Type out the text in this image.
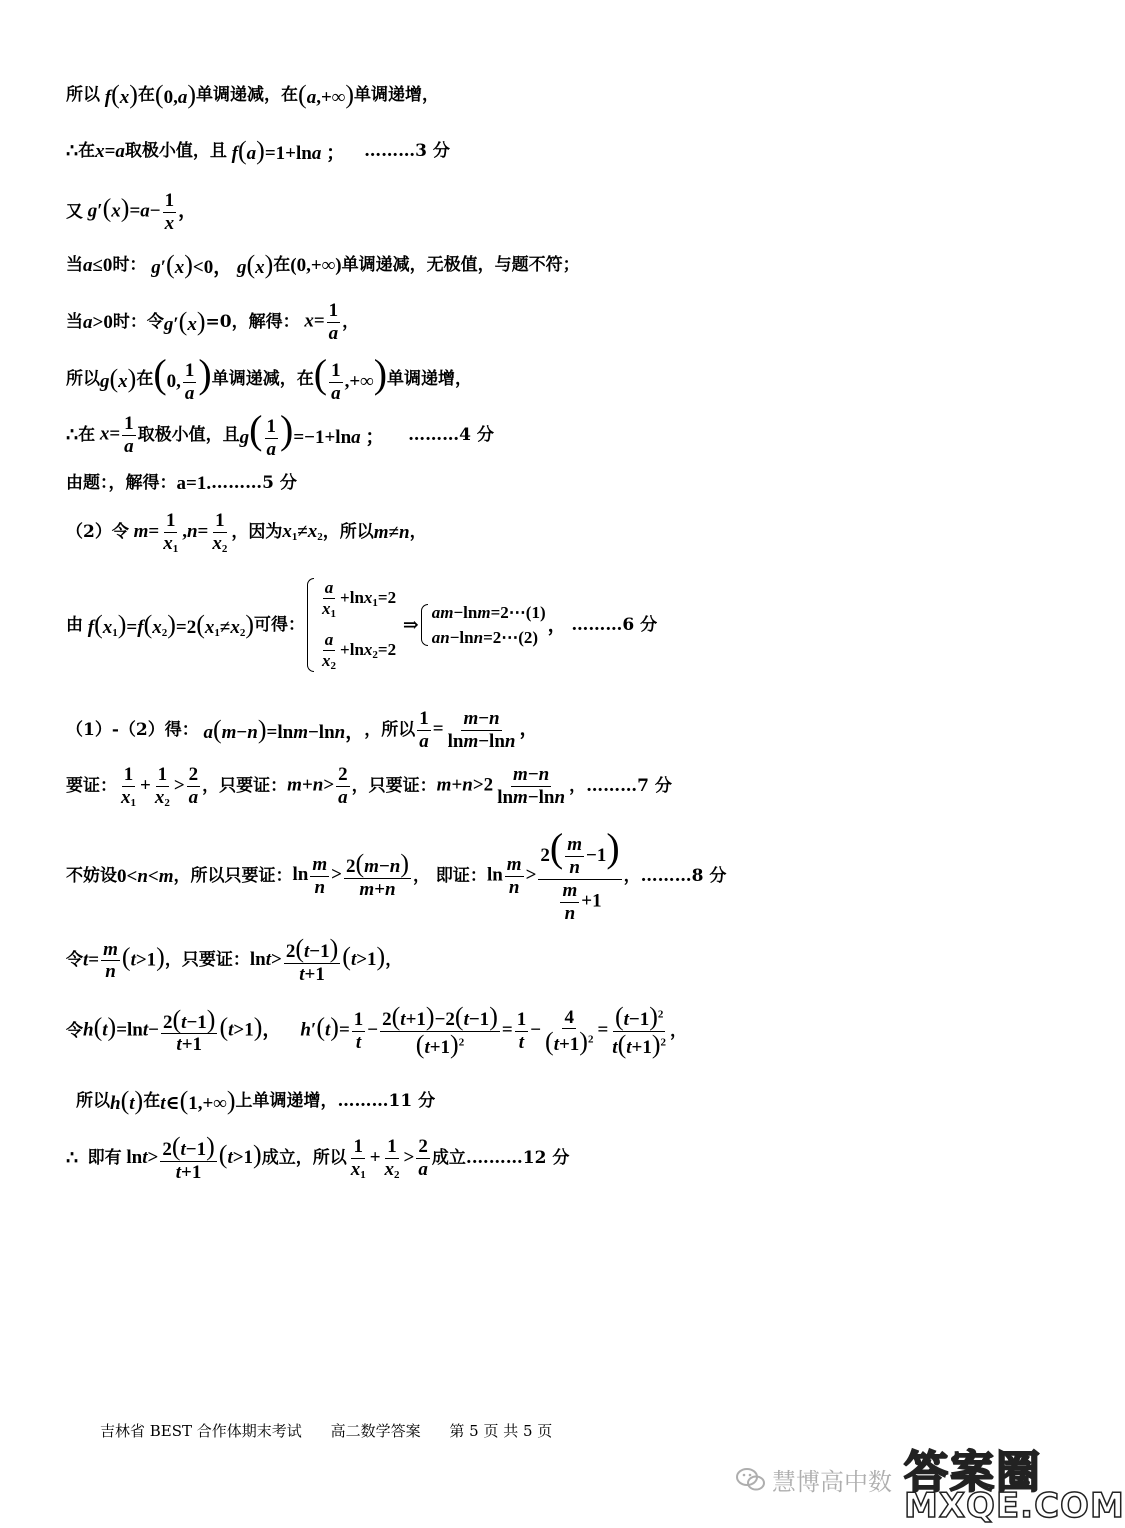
所以 f(x) 在 (0,a) 单调递减，在 (a,+∞) 单调递增，
∴ 在 x=a 取极小值，且 f(a)=1+lna ； ………3 分
又 $g'(x)=a- \frac{1}{x}$ ，
当 a≤0 时： g′(x)<0， g(x) 在 (0,+∞) 单调递减，无极值，与题不符；
当 a>0 时：令 g′(x) =0，解得： $x= \frac{1}{a}$ ，
所以 g(x) 在 (0, $\frac{1}{a}$ ) 单调递减，在 ( $\frac{1}{a}$ ,+∞) 单调递增，
∴ 在 $x= \frac{1}{a}$ 取极小值，且 $g( \frac{1}{a} )=-1+\ln a$ ； ………4 分
由题：，解得： a=1. ………5 分
（2）令 $m= \frac{1}{x_1} ,n= \frac{1}{x_2}$ ，因为 $x_1\ne x_2$ ，所以 m≠n ，
由 $f(x_1)=f(x_2)=2(x_1\ne x_2)$ 可得：
$\frac{a}{x_1} +\ln x_1=2$
$\frac{a}{x_2} +\ln x_2=2$
⇒
am−lnm=2⋯(1)
an−lnn=2⋯(2)
， ………6 分
（1）-（2）得： a(m−n)=lnm−lnn， ，所以 $\frac{1}{a} = \frac{m-n}{\ln m-\ln n}$ ，
要证： $\frac{1}{x_1} + \frac{1}{x_2} > \frac{2}{a}$ ，只要证： $m+n> \frac{2}{a}$ ，只要证： $m+n>2 \frac{m-n}{\ln m-\ln n}$ ，………7 分
不妨设 0<n<m ，所以只要证： $\ln \frac{m}{n} > \frac{2(m-n)}{m+n}$ ， 即证： $\ln \frac{m}{n} > \frac{2( \frac{m}{n} -1)}{\frac{m}{n} +1}$ ，………8 分
令 $t= \frac{m}{n} (t>1)$ ，只要证： $\ln t> \frac{2(t-1)}{t+1} (t>1)$ ，
令 $h(t)=\ln t- \frac{2(t-1)}{t+1} (t>1)$，    $h'(t)= \frac{1}{t} - \frac{2(t+1)-2(t-1)}{(t+1)^2} = \frac{1}{t} - \frac{4}{(t+1)^2} = \frac{(t-1)^2}{t(t+1)^2}$ ，
所以 h(t) 在 t∈(1,+∞) 上单调递增， ………11 分
∴ 即有 $\ln t> \frac{2(t-1)}{t+1} (t>1)$ 成立，所以 $\frac{1}{x_1} + \frac{1}{x_2} > \frac{2}{a}$ 成立. ………12 分
吉林省 BEST 合作体期末考试 高二数学答案 第 5 页 共 5 页
慧博高中数 答案圈
MXQE.COM
